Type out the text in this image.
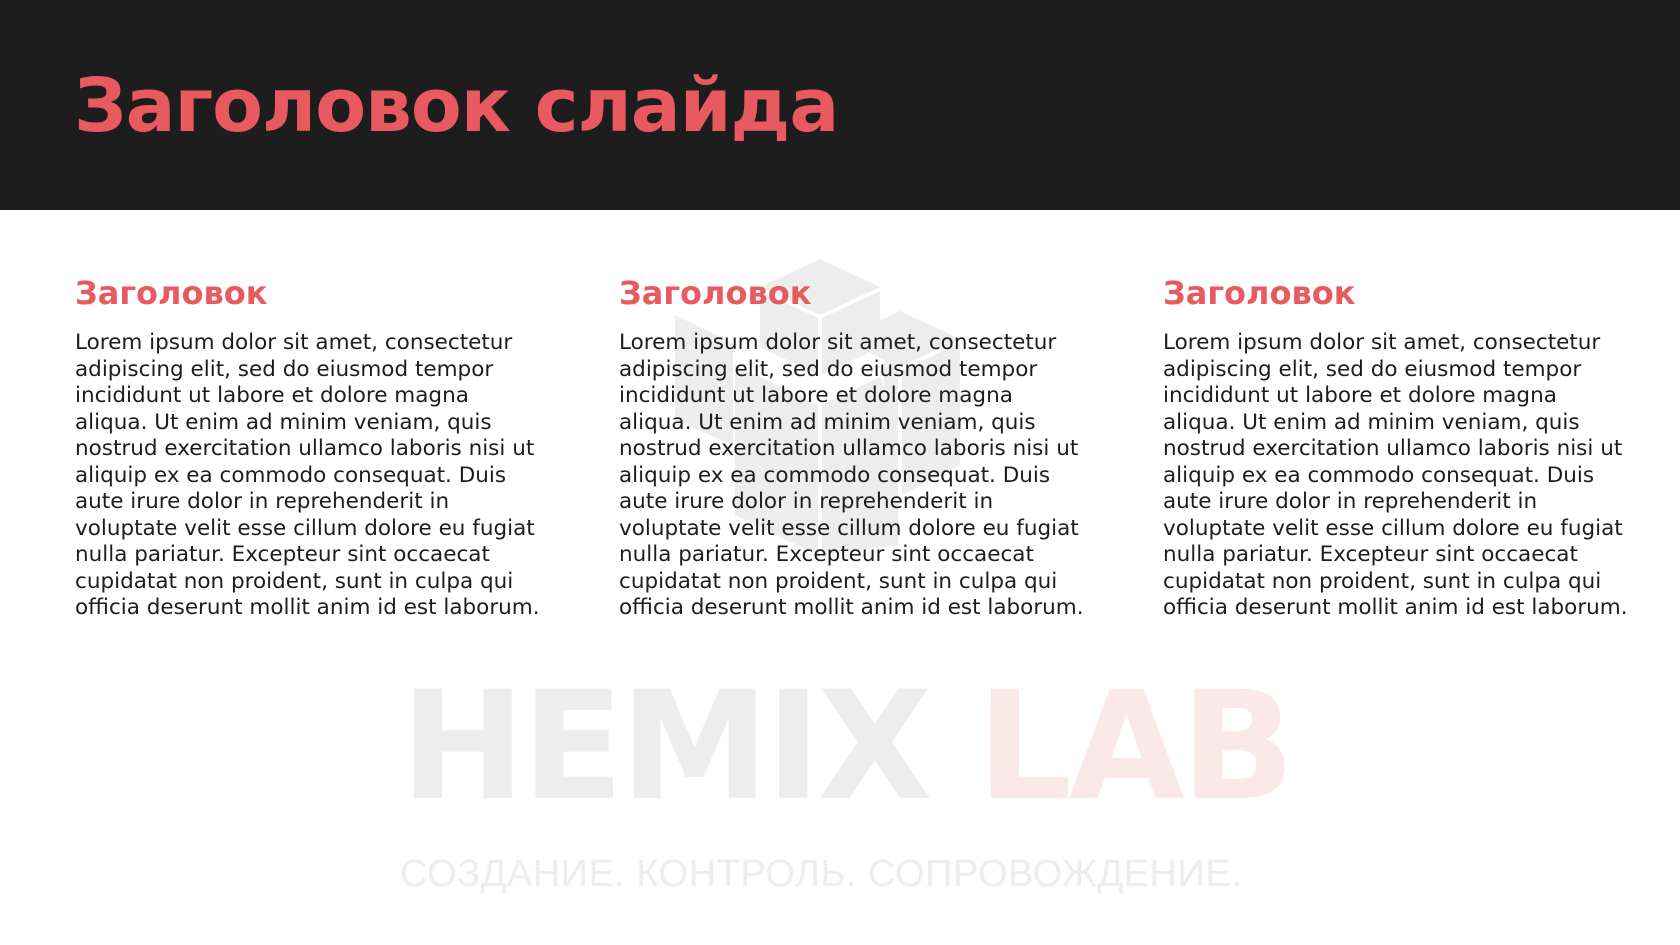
Заголовок слайда
HEMIX LAB
СОЗДАНИЕ. КОНТРОЛЬ. СОПРОВОЖДЕНИЕ.
Заголовок

Lorem ipsum dolor sit amet, consectetur adipiscing elit, sed do eiusmod tempor incididunt ut labore et dolore magna aliqua. Ut enim ad minim veniam, quis nostrud exercitation ullamco laboris nisi ut aliquip ex ea commodo consequat. Duis aute irure dolor in reprehenderit in voluptate velit esse cillum dolore eu fugiat nulla pariatur. Excepteur sint occaecat cupidatat non proident, sunt in culpa qui officia deserunt mollit anim id est laborum.

Заголовок

Lorem ipsum dolor sit amet, consectetur adipiscing elit, sed do eiusmod tempor incididunt ut labore et dolore magna aliqua. Ut enim ad minim veniam, quis nostrud exercitation ullamco laboris nisi ut aliquip ex ea commodo consequat. Duis aute irure dolor in reprehenderit in voluptate velit esse cillum dolore eu fugiat nulla pariatur. Excepteur sint occaecat cupidatat non proident, sunt in culpa qui officia deserunt mollit anim id est laborum.

Заголовок

Lorem ipsum dolor sit amet, consectetur adipiscing elit, sed do eiusmod tempor incididunt ut labore et dolore magna aliqua. Ut enim ad minim veniam, quis nostrud exercitation ullamco laboris nisi ut aliquip ex ea commodo consequat. Duis aute irure dolor in reprehenderit in voluptate velit esse cillum dolore eu fugiat nulla pariatur. Excepteur sint occaecat cupidatat non proident, sunt in culpa qui officia deserunt mollit anim id est laborum.
